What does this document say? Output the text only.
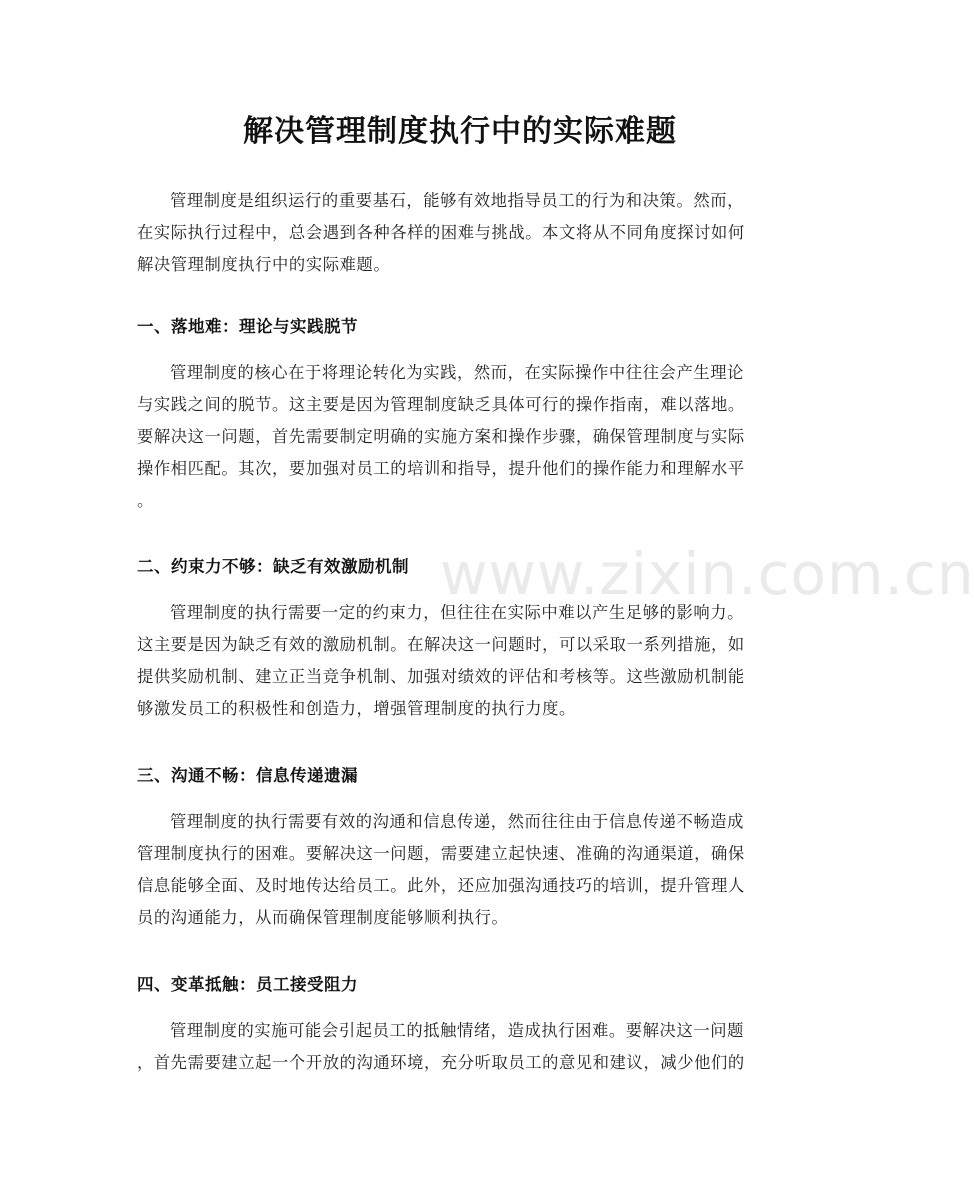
www.zixin.com.cn
解决管理制度执行中的实际难题

管理制度是组织运行的重要基石，能够有效地指导员工的行为和决策。然而，
在实际执行过程中，总会遇到各种各样的困难与挑战。本文将从不同角度探讨如何
解决管理制度执行中的实际难题。

一、落地难：理论与实践脱节

管理制度的核心在于将理论转化为实践，然而，在实际操作中往往会产生理论
与实践之间的脱节。这主要是因为管理制度缺乏具体可行的操作指南，难以落地。
要解决这一问题，首先需要制定明确的实施方案和操作步骤，确保管理制度与实际
操作相匹配。其次，要加强对员工的培训和指导，提升他们的操作能力和理解水平
。

二、约束力不够：缺乏有效激励机制

管理制度的执行需要一定的约束力，但往往在实际中难以产生足够的影响力。
这主要是因为缺乏有效的激励机制。在解决这一问题时，可以采取一系列措施，如
提供奖励机制、建立正当竞争机制、加强对绩效的评估和考核等。这些激励机制能
够激发员工的积极性和创造力，增强管理制度的执行力度。

三、沟通不畅：信息传递遗漏

管理制度的执行需要有效的沟通和信息传递，然而往往由于信息传递不畅造成
管理制度执行的困难。要解决这一问题，需要建立起快速、准确的沟通渠道，确保
信息能够全面、及时地传达给员工。此外，还应加强沟通技巧的培训，提升管理人
员的沟通能力，从而确保管理制度能够顺利执行。

四、变革抵触：员工接受阻力

管理制度的实施可能会引起员工的抵触情绪，造成执行困难。要解决这一问题
，首先需要建立起一个开放的沟通环境，充分听取员工的意见和建议，减少他们的
